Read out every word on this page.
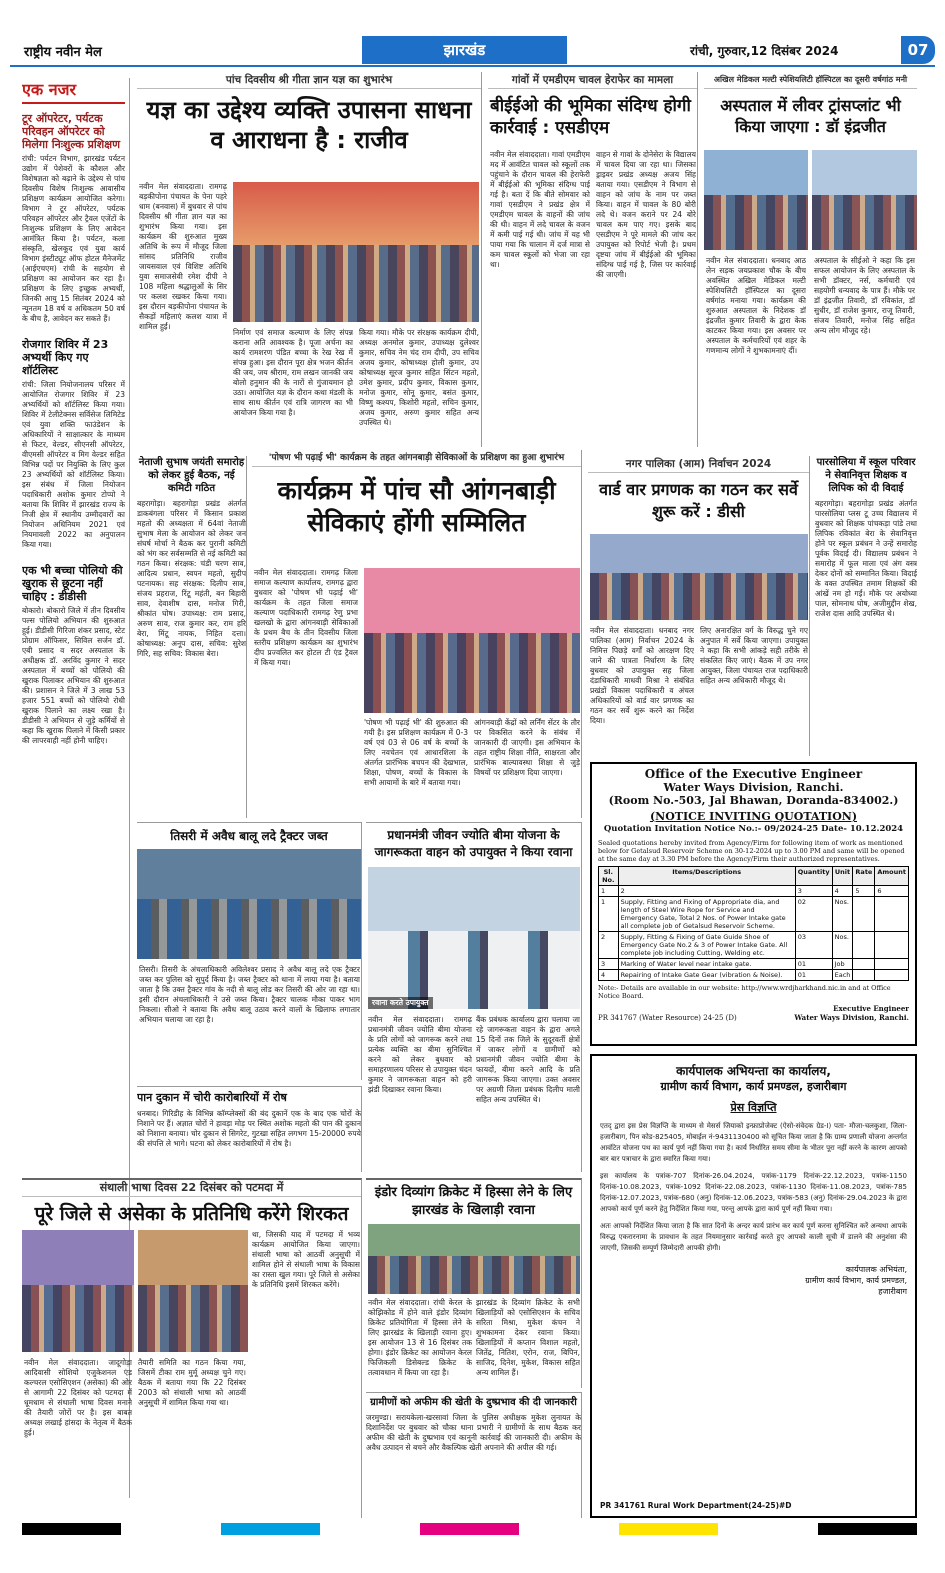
राष्ट्रीय नवीन मेल	झारखंड	रांची, गुरुवार,12 दिसंबर 2024	07
एक नजर
टूर ऑपरेटर, पर्यटक परिवहन ऑपरेटर को मिलेगा निःशुल्क प्रशिक्षण
रांची: पर्यटन विभाग, झारखंड पर्यटन उद्योग में पेशेवरों के कौशल और विशेषज्ञता को बढ़ाने के उद्देश्य से पांच दिवसीय विशेष निःशुल्क आवासीय प्रशिक्षण कार्यक्रम आयोजित करेगा। विभाग ने टूर ऑपरेटर, पर्यटक परिवहन ऑपरेटर और ट्रैवल एजेंटों के निःशुल्क प्रशिक्षण के लिए आवेदन आमंत्रित किया है। पर्यटन, कला संस्कृति, खेलकूद एवं युवा कार्य विभाग इंस्टीट्यूट ऑफ होटल मैनेजमेंट (आईएचएम) रांची के सहयोग से प्रशिक्षण का आयोजन कर रहा है। प्रशिक्षण के लिए इच्छुक अभ्यर्थी, जिनकी आयु 15 सितंबर 2024 को न्यूनतम 18 वर्ष व अधिकतम 50 वर्ष के बीच है, आवेदन कर सकते हैं।
रोजगार शिविर में 23 अभ्यर्थी किए गए शॉर्टलिस्ट
रांची: जिला नियोजनालय परिसर में आयोजित रोजगार शिविर में 23 अभ्यर्थियों को शॉर्टलिस्ट किया गया। शिविर में टेलीटेक्नस सर्विसेज लिमिटेड एवं युवा शक्ति फाउंडेशन के अधिकारियों ने साक्षात्कार के माध्यम से फिटर, वेल्डर, सीएनसी ऑपरेटर, वीएमसी ऑपरेटर व मिग वेल्डर सहित विभिन्न पदों पर नियुक्ति के लिए कुल 23 अभ्यर्थियों को शॉर्टलिस्ट किया। इस संबंध में जिला नियोजन पदाधिकारी अशोक कुमार टोप्पो ने बताया कि शिविर में झारखंड राज्य के निजी क्षेत्र में स्थानीय उम्मीदवारों का नियोजन अधिनियम 2021 एवं नियमावली 2022 का अनुपालन किया गया।
एक भी बच्चा पोलियो की खुराक से छूटना नहीं चाहिए : डीडीसी
बोकारो। बोकारो जिले में तीन दिवसीय पल्स पोलियो अभियान की शुरुआत हुई। डीडीसी गिरिजा शंकर प्रसाद, स्टेट प्रोग्राम ऑफिसर, सिविल सर्जन डॉ. एबी प्रसाद व सदर अस्पताल के अधीक्षक डॉ. अरविंद कुमार ने सदर अस्पताल में बच्चों को पोलियो की खुराक पिलाकर अभियान की शुरुआत की। प्रशासन ने जिले में 3 लाख 53 हजार 551 बच्चों को पोलियो रोधी खुराक पिलाने का लक्ष्य रखा है। डीडीसी ने अभियान से जुड़े कर्मियों से कहा कि खुराक पिलाने में किसी प्रकार की लापरवाही नहीं होनी चाहिए।
पांच दिवसीय श्री गीता ज्ञान यज्ञ का शुभारंभ
यज्ञ का उद्देश्य व्यक्ति उपासना साधना व आराधना है : राजीव
नवीन मेल संवाददाता। रामगढ़ बड़कीपोना पंचायत के पेना पहरे धाम (बनवास) में बुधवार से पांच दिवसीय श्री गीता ज्ञान यज्ञ का शुभारंभ किया गया। इस कार्यक्रम की शुरुआत मुख्य अतिथि के रूप में मौजूद जिला सांसद प्रतिनिधि राजीव जायसवाल एवं विशिष्ट अतिथि युवा समाजसेवी रमेश दीपी ने 108 महिला श्रद्धालुओं के सिर पर कलश रखकर किया गया। इस दौरान बड़कीपोना पंचायत के सैकड़ों महिलाएं कलश यात्रा में शामिल हुईं।
निर्माण एवं समाज कल्याण के लिए संपन्न कराना अति आवश्यक है। पूजा अर्चना का कार्य रामशरण पंडित बच्चा के रेख रेख में संपन्न हुआ। इस दौरान पूरा क्षेत्र भजन कीर्तन की जय, जय श्रीराम, राम लखन जानकी जय बोलो हनुमान की के नारों से गुंजायमान हो उठा। आयोजित यज्ञ के दौरान कथा मंडली के साथ साथ कीर्तन एवं रात्रि जागरण का भी आयोजन किया गया है।
किया गया। मौके पर संरक्षक कार्यक्रम दीपी, अध्यक्ष अनमोल कुमार, उपाध्यक्ष दुलेश्वर कुमार, सचिव नेम चंद राम दीपी, उप सचिव अजय कुमार, कोषाध्यक्ष होली कुमार, उप कोषाध्यक्ष सूरज कुमार सहित सिंटन महतो, उमेश कुमार, प्रदीप कुमार, विकास कुमार, मनोज कुमार, सोनू कुमार, बसंत कुमार, विष्णु कश्यप, किशोरी महतो, सचिन कुमार, अजय कुमार, अरुण कुमार सहित अन्य उपस्थित थे।
गांवों में एमडीएम चावल हेराफेर का मामला
बीईईओ की भूमिका संदिग्ध होगी कार्रवाई : एसडीएम
नवीन मेल संवाददाता। गावां एमडीएम मद में आवंटित चावल को स्कूलों तक पहुंचाने के दौरान चावल की हेराफेरी में बीईईओ की भूमिका संदिग्ध पाई गई है। बता दें कि बीते सोमवार को गावां एसडीएम ने प्रखंड क्षेत्र में एमडीएम चावल के वाहनों की जांच की थी। वाहन में लदे चावल के वजन में कमी पाई गई थी। जांच में यह भी पाया गया कि चालान में दर्ज मात्रा से कम चावल स्कूलों को भेजा जा रहा था।
वाहन से गावां के दोनेसेरा के विद्यालय में चावल दिया जा रहा था। जिसका ड्राइवर प्रखंड अध्यक्ष अजय सिंह बताया गया। एसडीएम ने विभाग से वाहन को जांच के नाम पर जब्त किया। वाहन में चावल के 80 बोरी लदे थे। वजन कराने पर 24 बोरे चावल कम पाए गए। इसके बाद एसडीएम ने पूरे मामले की जांच कर उपायुक्त को रिपोर्ट भेजी है। प्रथम दृष्टया जांच में बीईईओ की भूमिका संदिग्ध पाई गई है, जिस पर कार्रवाई की जाएगी।
अखिल मेडिकल मल्टी स्पेशियलिटी हॉस्पिटल का दूसरी वर्षगांठ मनी
अस्पताल में लीवर ट्रांसप्लांट भी किया जाएगा : डॉ इंद्रजीत
नवीन मेल संवाददाता। धनबाद आठ लेन सड़क जयप्रकाश चौक के बीच अवस्थित अखिल मेडिकल मल्टी स्पेशियलिटी हॉस्पिटल का दूसरा वर्षगांठ मनाया गया। कार्यक्रम की शुरुआत अस्पताल के निदेशक डॉ इंद्रजीत कुमार तिवारी के द्वारा केक काटकर किया गया। इस अवसर पर अस्पताल के कर्मचारियों एवं शहर के गणमान्य लोगों ने शुभकामनाएं दीं।
अस्पताल के सीईओ ने कहा कि इस सफल आयोजन के लिए अस्पताल के सभी डॉक्टर, नर्स, कर्मचारी एवं सहयोगी धन्यवाद के पात्र हैं। मौके पर डॉ इंद्रजीत तिवारी, डॉ रविकांत, डॉ सुधीर, डॉ राजेश कुमार, राजू तिवारी, संजय तिवारी, मनोज सिंह सहित अन्य लोग मौजूद रहे।
नेताजी सुभाष जयंती समारोह को लेकर हुई बैठक, नई कमिटी गठित
बहरागोड़ा। बहरागोड़ा प्रखंड अंतर्गत डाकबंगला परिसर में किसान प्रकाश महतो की अध्यक्षता में 64वां नेताजी सुभाष मेला के आयोजन को लेकर जन संघर्ष मोर्चा ने बैठक कर पुरानी कमिटी को भंग कर सर्वसम्मति से नई कमिटी का गठन किया। संरक्षक: चंडी चरण साव, आदित्य प्रधान, स्वपन महतो, सुदीप पटनायक। सह संरक्षक: दिलीप साव, संजय प्रहराज, रिंटू महंती, बन बिहारी साव, देवाशीष दास, मनोज गिरी, श्रीकांत घोष। उपाध्यक्ष: राम प्रसाद, अरुण साव, राज कुमार कर, राम हरि बेरा, मिंटू नायक, निहित दत्ता। कोषाध्यक्ष: अनूप दास, सचिव: सुरेश गिरि, सह सचिव: विकास बेरा।
'पोषण भी पढ़ाई भी' कार्यक्रम के तहत आंगनबाड़ी सेविकाओं के प्रशिक्षण का हुआ शुभारंभ
कार्यक्रम में पांच सौ आंगनबाड़ी सेविकाएं होंगी सम्मिलित
नवीन मेल संवाददाता। रामगढ़ जिला समाज कल्याण कार्यालय, रामगढ़ द्वारा बुधवार को 'पोषण भी पढ़ाई भी' कार्यक्रम के तहत जिला समाज कल्याण पदाधिकारी रामगढ़ रेणु प्रभा खलखो के द्वारा आंगनबाड़ी सेविकाओं के प्रथम बैच के तीन दिवसीय जिला स्तरीय प्रशिक्षण कार्यक्रम का शुभारंभ दीप प्रज्वलित कर होटल टी एंड ट्रैवल में किया गया।
'पोषण भी पढ़ाई भी' की शुरुआत की गयी है। इस प्रशिक्षण कार्यक्रम में 0-3 वर्ष एवं 03 से 06 वर्ष के बच्चों के लिए नवचेतन एवं आधारशिला के अंतर्गत प्रारंभिक बचपन की देखभाल, शिक्षा, पोषण, बच्चों के विकास के सभी आयामों के बारे में बताया गया।
आंगनबाड़ी केंद्रों को लर्निंग सेंटर के तौर पर विकसित करने के संबंध में जानकारी दी जाएगी। इस अभियान के तहत राष्ट्रीय शिक्षा नीति, साक्षरता और प्रारंभिक बाल्यावस्था शिक्षा से जुड़े विषयों पर प्रशिक्षण दिया जाएगा।
नगर पालिका (आम) निर्वाचन 2024
वार्ड वार प्रगणक का गठन कर सर्वे शुरू करें : डीसी
नवीन मेल संवाददाता। धनबाद नगर पालिका (आम) निर्वाचन 2024 के निमित्त पिछड़े वर्गों को आरक्षण दिए जाने की पात्रता निर्धारण के लिए बुधवार को उपायुक्त सह जिला दंडाधिकारी माधवी मिश्रा ने संबंधित प्रखंडों विकास पदाधिकारी व अंचल अधिकारियों को वार्ड वार प्रगणक का गठन कर सर्वे शुरू करने का निर्देश दिया।
लिए अनारक्षित वर्ग के विरुद्ध चुने गए अनुपात में सर्वे किया जाएगा। उपायुक्त ने कहा कि सभी आंकड़े सही तरीके से संकलित किए जाएं। बैठक में उप नगर आयुक्त, जिला पंचायत राज पदाधिकारी सहित अन्य अधिकारी मौजूद थे।
पारसोलिया में स्कूल परिवार ने सेवानिवृत्त शिक्षक व लिपिक को दी विदाई
बहरागोड़ा। बहरागोड़ा प्रखंड अंतर्गत पारसोलिया प्लस टू उच्च विद्यालय में बुधवार को शिक्षक पांचकड़ा पांडे तथा लिपिक रविकांत बेरा के सेवानिवृत्त होने पर स्कूल प्रबंधन ने उन्हें समारोह पूर्वक विदाई दी। विद्यालय प्रबंधन ने समारोह में फूल माला एवं अंग वस्त्र देकर दोनों को सम्मानित किया। विदाई के वक्त उपस्थित तमाम शिक्षकों की आंखें नम हो गईं। मौके पर अयोध्या पाल, सोमनाथ घोष, अजीमुद्दीन शेख, राजेश दास आदि उपस्थित थे।
तिसरी में अवैध बालू लदे ट्रैक्टर जब्त
तिसरी। तिसरी के अंचलाधिकारी अविलेश्वर प्रसाद ने अवैध बालू लदे एक ट्रैक्टर जब्त कर पुलिस को सुपुर्द किया है। जब्त ट्रैक्टर को थाना में लाया गया है। बताया जाता है कि उक्त ट्रैक्टर गांव के नदी से बालू लोड कर तिसरी की ओर जा रहा था। इसी दौरान अंचलाधिकारी ने उसे जब्त किया। ट्रैक्टर चालक मौका पाकर भाग निकला। सीओ ने बताया कि अवैध बालू उठाव करने वालों के खिलाफ लगातार अभियान चलाया जा रहा है।
पान दुकान में चोरी कारोबारियों में रोष
धनबाद। गिरिडीह के विभिन्न कॉम्प्लेक्सों की बंद दुकानें एक के बाद एक चोरों के निशाने पर हैं। अज्ञात चोरों ने हावड़ा मोड़ पर स्थित अशोक महतो की पान की दुकान को निशाना बनाया। चोर दुकान से सिगरेट, गुटखा सहित लगभग 15-20000 रुपये की संपत्ति ले भागे। घटना को लेकर कारोबारियों में रोष है।
प्रधानमंत्री जीवन ज्योति बीमा योजना के जागरूकता वाहन को उपायुक्त ने किया रवाना
रवाना करते उपायुक्त
नवीन मेल संवाददाता। रामगढ़ प्रधानमंत्री जीवन ज्योति बीमा योजना के प्रति लोगों को जागरूक करने तथा प्रत्येक व्यक्ति का बीमा सुनिश्चित करने को लेकर बुधवार को समाहरणालय परिसर से उपायुक्त चंदन कुमार ने जागरूकता वाहन को हरी झंडी दिखाकर रवाना किया।
बैंक प्रबंधक कार्यालय द्वारा चलाया जा रहे जागरूकता वाहन के द्वारा अगले 15 दिनों तक जिले के सुदूरवर्ती क्षेत्रों में जाकर लोगों व ग्रामीणों को प्रधानमंत्री जीवन ज्योति बीमा के फायदों, बीमा करने आदि के प्रति जागरूक किया जाएगा। उक्त अवसर पर अग्रणी जिला प्रबंधक दिलीप माली सहित अन्य उपस्थित थे।
Office of the Executive Engineer
Water Ways Division, Ranchi.
(Room No.-503, Jal Bhawan, Doranda-834002.)
(NOTICE INVITING QUOTATION)
Quotation Invitation Notice No.:- 09/2024-25 Date- 10.12.2024
Sealed quotations hereby invited from Agency/Firm for following item of work as mentioned below for Getalsud Reservoir Scheme on 30-12-2024 up to 3.00 PM and same will be opened at the same day at 3.30 PM before the Agency/Firm their authorized representatives.
Sl. No.	Items/Descriptions	Quantity	Unit	Rate	Amount
1	2	3	4	5	6
1	Supply, Fitting and Fixing of Appropriate dia, and length of Steel Wire Rope for Service and Emergency Gate, Total 2 Nos. of Power Intake gate all complete job of Getalsud Reservoir Scheme.	02	Nos.		
2	Supply, Fitting & Fixing of Gate Guide Shoe of Emergency Gate No.2 & 3 of Power Intake Gate. All complete job including Cutting, Welding etc.	03	Nos.		
3	Marking of Water level near intake gate.	01	Job		
4	Repairing of Intake Gate Gear (vibration & Noise).	01	Each		
Note:- Details are available in our website: http://www.wrdjharkhand.nic.in and at Office Notice Board.
PR 341767 (Water Resource) 24-25 (D)
Executive Engineer
Water Ways Division, Ranchi.
संथाली भाषा दिवस 22 दिसंबर को पटमदा में
पूरे जिले से असेका के प्रतिनिधि करेंगे शिरकत
नवीन मेल संवाददाता। जादूगोड़ा आदिवासी सोशियो एजुकेशनल एंड कल्चरल एसोसिएशन (असेका) की ओर से आगामी 22 दिसंबर को पटमदा में धूमधाम से संथाली भाषा दिवस मनाने की तैयारी जोरों पर है। इस बाबत अध्यक्ष लखाई हांसदा के नेतृत्व में बैठक हुई।
तैयारी समिति का गठन किया गया, जिसमें टीका राम मुर्मू अध्यक्ष चुने गए। बैठक में बताया गया कि 22 दिसंबर 2003 को संथाली भाषा को आठवीं अनुसूची में शामिल किया गया था।
था, जिसकी याद में पटमदा में भव्य कार्यक्रम आयोजित किया जाएगा। संथाली भाषा को आठवीं अनुसूची में शामिल होने से संथाली भाषा के विकास का रास्ता खुल गया। पूरे जिले से असेका के प्रतिनिधि इसमें शिरकत करेंगे।
इंडोर दिव्यांग क्रिकेट में हिस्सा लेने के लिए झारखंड के खिलाड़ी रवाना
नवीन मेल संवाददाता। रांची केरल के कोझिकोड में होने वाले इंडोर दिव्यांग क्रिकेट प्रतियोगिता में हिस्सा लेने के लिए झारखंड के खिलाड़ी रवाना हुए। इस आयोजन 13 से 16 दिसंबर तक होगा। इंडोर क्रिकेट का आयोजन केरल फिजिकली डिसेबल्ड क्रिकेट के तत्वावधान में किया जा रहा है।
झारखंड के दिव्यांग क्रिकेट के सभी खिलाड़ियों को एसोसिएशन के सचिव सरिता मिश्रा, मुकेश कंचन ने शुभकामना देकर रवाना किया। खिलाड़ियों में कप्तान विशाल महतो, जितेंद्र, नितिश, एरोन, राज, बिपिन, साजिद, दिनेश, मुकेश, विकास सहित अन्य शामिल हैं।
ग्रामीणों को अफीम की खेती के दुष्प्रभाव की दी जानकारी
जरमुण्डा। सरायकेला-खरसावां जिला के पुलिस अधीक्षक मुकेश लुनायत के दिशानिर्देश पर बुधवार को चौका थाना प्रभारी ने ग्रामीणों के साथ बैठक कर अफीम की खेती के दुष्प्रभाव एवं कानूनी कार्रवाई की जानकारी दी। अफीम के अवैध उत्पादन से बचने और वैकल्पिक खेती अपनाने की अपील की गई।
कार्यपालक अभियन्ता का कार्यालय,
ग्रामीण कार्य विभाग, कार्य प्रमण्डल, हजारीबाग
प्रेस विज्ञप्ति
एतद् द्वारा इस प्रेस विज्ञप्ति के माध्यम से मेसर्स जियाको इन्फ्राप्रोजेक्ट (ऐसो-संवेदक ग्रेड-I) पता- मौजा-चलकुशा, जिला-हजारीबाग, पिन कोड-825405, मोबाईल नं-9431130400 को सूचित किया जाता है कि ग्राम्य प्रणाली योजना अन्तर्गत आवंटित योजना पथ का कार्य पूर्ण नहीं किया गया है। कार्य निर्धारित समय सीमा के भीतर पूरा नहीं करने के कारण आपको बार बार पत्राचार के द्वारा स्मारित किया गया।
इस कार्यालय के पत्रांक-707 दिनांक-26.04.2024, पत्रांक-1179 दिनांक-22.12.2023, पत्रांक-1150 दिनांक-10.08.2023, पत्रांक-1092 दिनांक-22.08.2023, पत्रांक-1130 दिनांक-11.08.2023, पत्रांक-785 दिनांक-12.07.2023, पत्रांक-680 (अनु) दिनांक-12.06.2023, पत्रांक-583 (अनु) दिनांक-29.04.2023 के द्वारा आपको कार्य पूर्ण करने हेतु निर्देशित किया गया, परन्तु आपके द्वारा कार्य पूर्ण नहीं किया गया।
अतः आपको निर्देशित किया जाता है कि सात दिनों के अन्दर कार्य प्रारंभ कर कार्य पूर्ण करना सुनिश्चित करें अन्यथा आपके विरुद्ध एकरारनामा के प्रावधान के तहत नियमानुसार कार्रवाई करते हुए आपको काली सूची में डालने की अनुशंसा की जाएगी, जिसकी सम्पूर्ण जिम्मेदारी आपकी होगी।
कार्यपालक अभियंता,
ग्रामीण कार्य विभाग, कार्य प्रमण्डल,
हजारीबाग
PR 341761 Rural Work Department(24-25)#D
